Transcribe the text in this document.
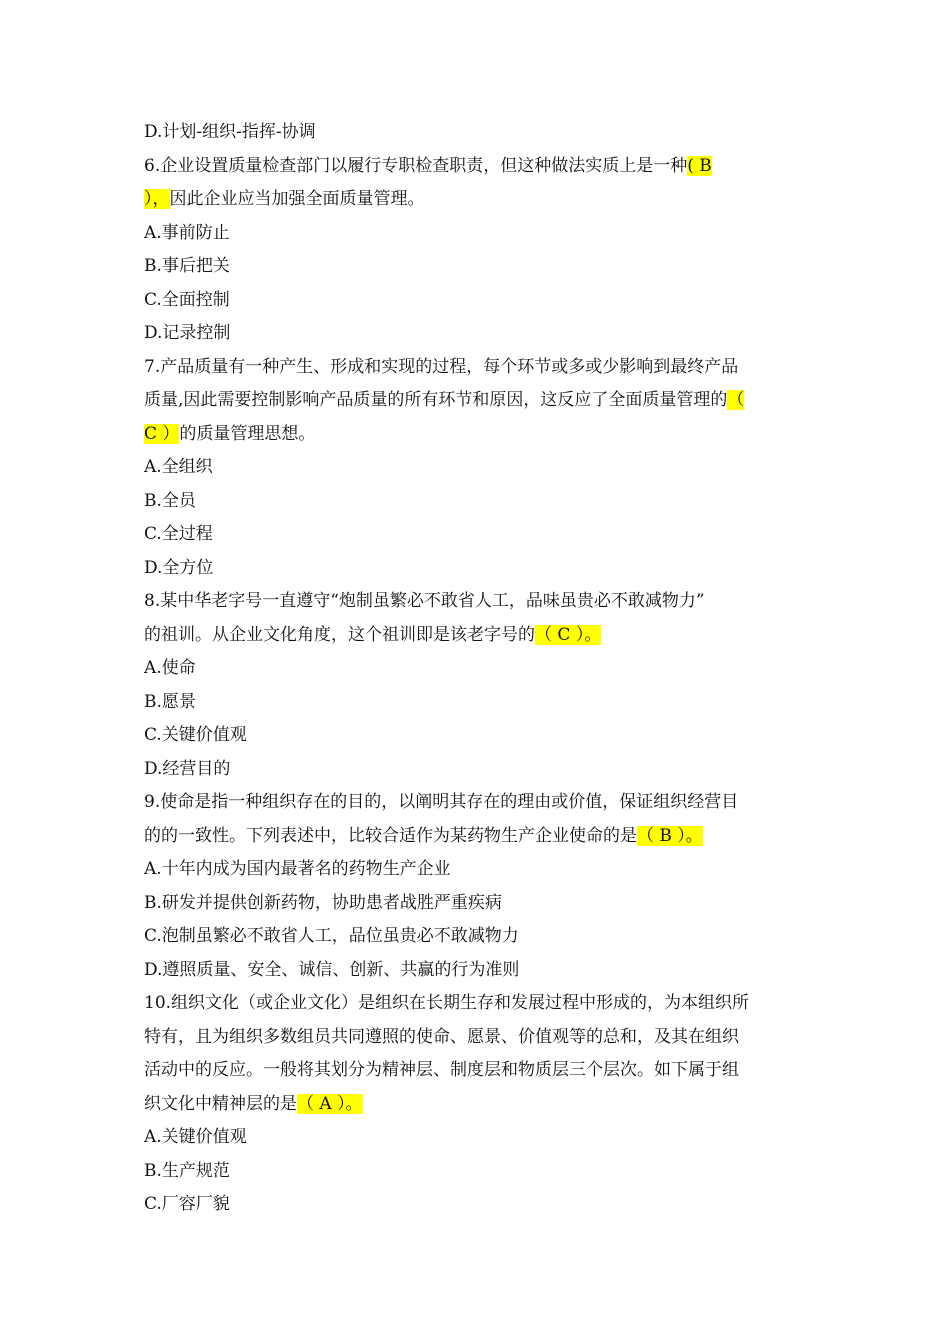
D.计划-组织-指挥-协调
6.企业设置质量检查部门以履行专职检查职责，但这种做法实质上是一种( B
），因此企业应当加强全面质量管理。
A.事前防止
B.事后把关
C.全面控制
D.记录控制
7.产品质量有一种产生、形成和实现的过程，每个环节或多或少影响到最终产品
质量,因此需要控制影响产品质量的所有环节和原因，这反应了全面质量管理的（
C ）的质量管理思想。
A.全组织
B.全员
C.全过程
D.全方位
8.某中华老字号一直遵守“炮制虽繁必不敢省人工，品味虽贵必不敢减物力”
的祖训。从企业文化角度，这个祖训即是该老字号的（ C ）。
A.使命
B.愿景
C.关键价值观
D.经营目的
9.使命是指一种组织存在的目的，以阐明其存在的理由或价值，保证组织经营目
的的一致性。下列表述中，比较合适作为某药物生产企业使命的是（ B ）。
A.十年内成为国内最著名的药物生产企业
B.研发并提供创新药物，协助患者战胜严重疾病
C.泡制虽繁必不敢省人工，品位虽贵必不敢减物力
D.遵照质量、安全、诚信、创新、共赢的行为准则
10.组织文化（或企业文化）是组织在长期生存和发展过程中形成的，为本组织所
特有，且为组织多数组员共同遵照的使命、愿景、价值观等的总和，及其在组织
活动中的反应。一般将其划分为精神层、制度层和物质层三个层次。如下属于组
织文化中精神层的是（ A ）。
A.关键价值观
B.生产规范
C.厂容厂貌
